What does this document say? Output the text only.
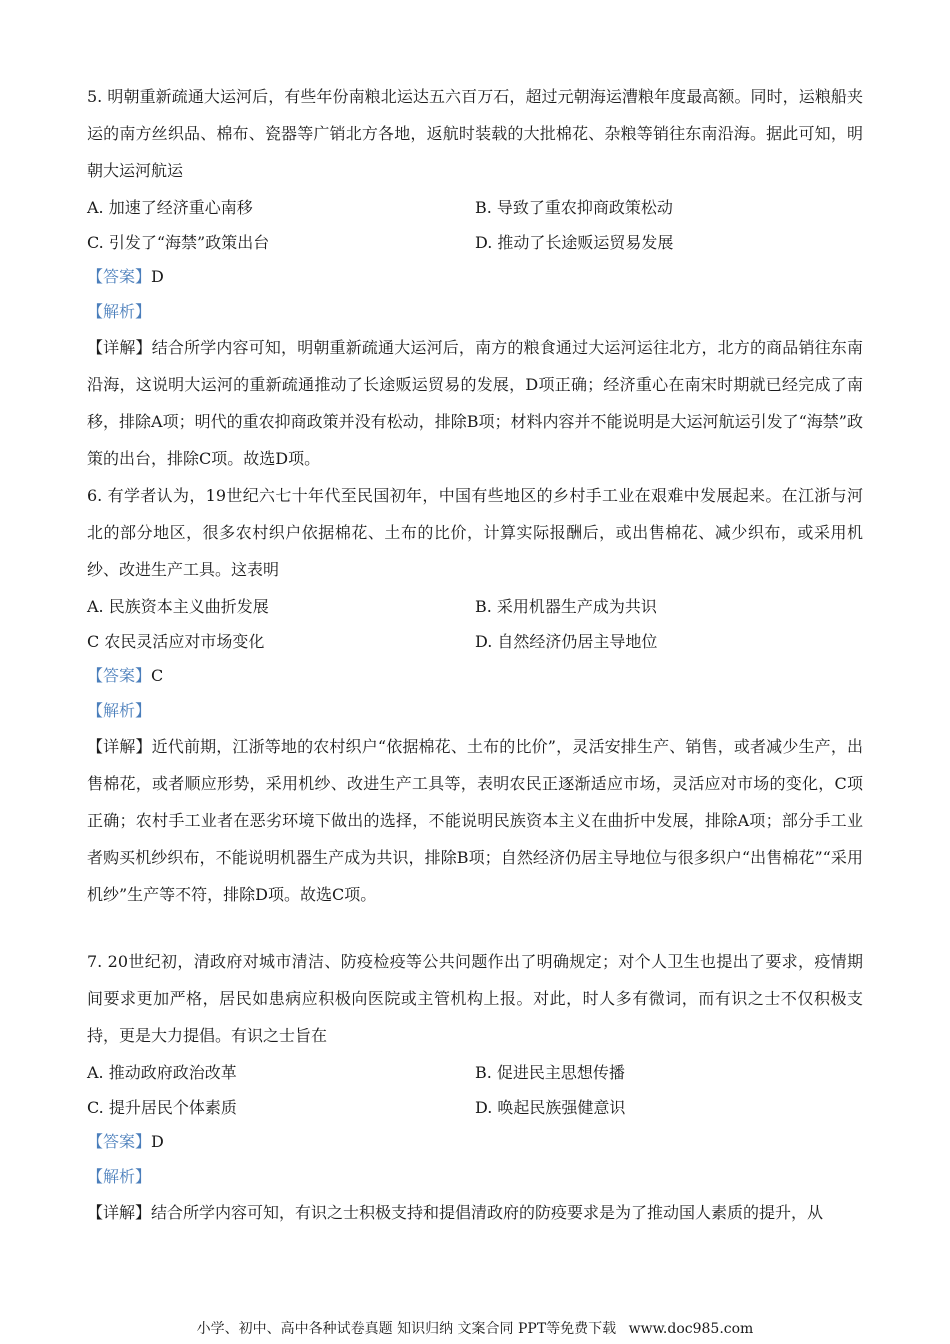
5. 明朝重新疏通大运河后，有些年份南粮北运达五六百万石，超过元朝海运漕粮年度最高额。同时，运粮船夹运的南方丝织品、棉布、瓷器等广销北方各地，返航时装载的大批棉花、杂粮等销往东南沿海。据此可知，明朝大运河航运

A. 加速了经济重心南移	B. 导致了重农抑商政策松动
C. 引发了“海禁”政策出台	D. 推动了长途贩运贸易发展
【答案】D
【解析】

【详解】结合所学内容可知，明朝重新疏通大运河后，南方的粮食通过大运河运往北方，北方的商品销往东南沿海，这说明大运河的重新疏通推动了长途贩运贸易的发展，D项正确；经济重心在南宋时期就已经完成了南移，排除A项；明代的重农抑商政策并没有松动，排除B项；材料内容并不能说明是大运河航运引发了“海禁”政策的出台，排除C项。故选D项。

6. 有学者认为，19世纪六七十年代至民国初年，中国有些地区的乡村手工业在艰难中发展起来。在江浙与河北的部分地区，很多农村织户依据棉花、土布的比价，计算实际报酬后，或出售棉花、减少织布，或采用机纱、改进生产工具。这表明

A. 民族资本主义曲折发展	B. 采用机器生产成为共识
C 农民灵活应对市场变化	D. 自然经济仍居主导地位
【答案】C
【解析】

【详解】近代前期，江浙等地的农村织户“依据棉花、土布的比价”，灵活安排生产、销售，或者减少生产，出售棉花，或者顺应形势，采用机纱、改进生产工具等，表明农民正逐渐适应市场，灵活应对市场的变化，C项正确；农村手工业者在恶劣环境下做出的选择，不能说明民族资本主义在曲折中发展，排除A项；部分手工业者购买机纱织布，不能说明机器生产成为共识，排除B项；自然经济仍居主导地位与很多织户“出售棉花”“采用机纱”生产等不符，排除D项。故选C项。

7. 20世纪初，清政府对城市清洁、防疫检疫等公共问题作出了明确规定；对个人卫生也提出了要求，疫情期间要求更加严格，居民如患病应积极向医院或主管机构上报。对此，时人多有微词，而有识之士不仅积极支持，更是大力提倡。有识之士旨在

A. 推动政府政治改革	B. 促进民主思想传播
C. 提升居民个体素质	D. 唤起民族强健意识
【答案】D
【解析】

【详解】结合所学内容可知，有识之士积极支持和提倡清政府的防疫要求是为了推动国人素质的提升，从

小学、初中、高中各种试卷真题 知识归纳 文案合同 PPT等免费下载 www.doc985.com
